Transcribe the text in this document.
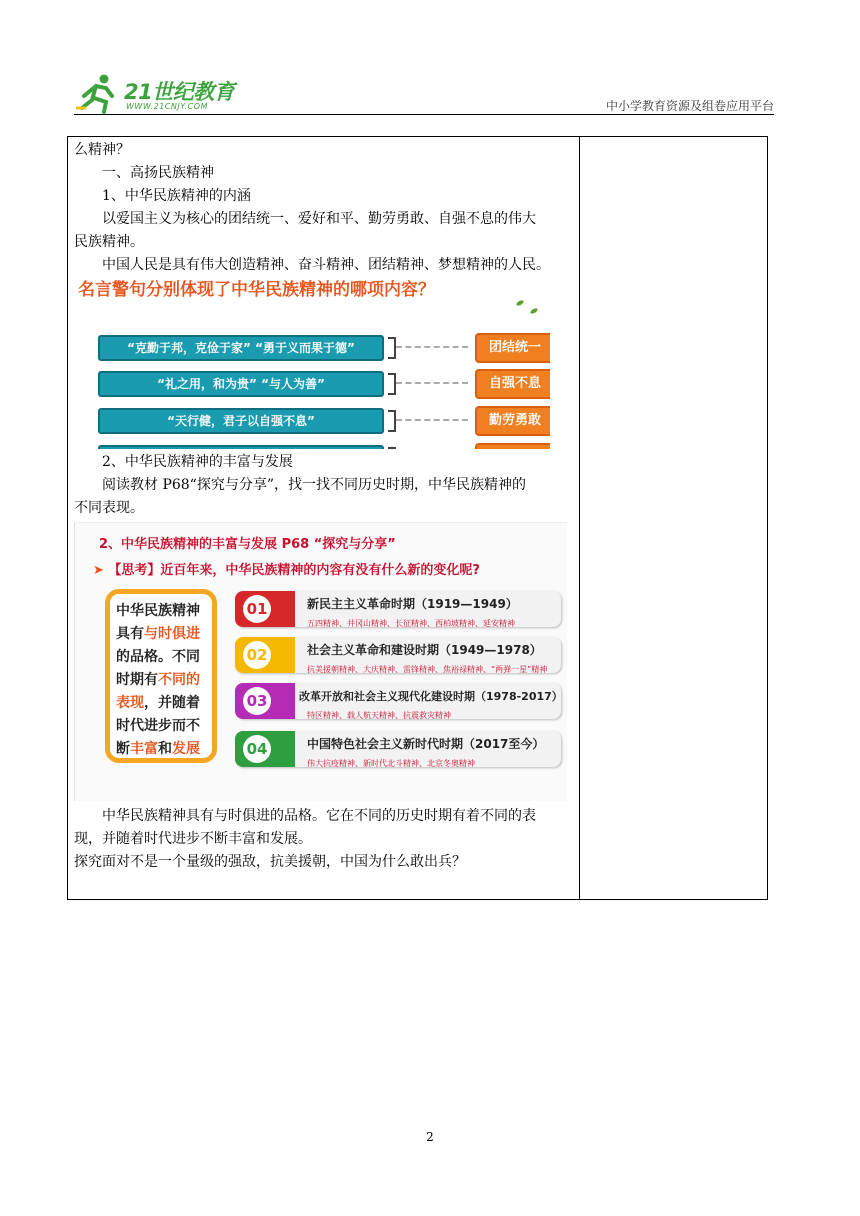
21世纪教育
WWW.21CNJY.COM	中小学教育资源及组卷应用平台

么精神？

一、高扬民族精神

1、中华民族精神的内涵

以爱国主义为核心的团结统一、爱好和平、勤劳勇敢、自强不息的伟大

民族精神。

中国人民是具有伟大创造精神、奋斗精神、团结精神、梦想精神的人民。

名言警句分别体现了中华民族精神的哪项内容？
“克勤于邦，克俭于家” “勇于义而果于德”	团结统一
“礼之用，和为贵” “与人为善”	自强不息
“天行健，君子以自强不息”	勤劳勇敢

2、中华民族精神的丰富与发展

阅读教材 P68“探究与分享”，找一找不同历史时期，中华民族精神的

不同表现。

2、中华民族精神的丰富与发展 P68 “探究与分享”
➤ 【思考】近百年来，中华民族精神的内容有没有什么新的变化呢?
中华民族精神
具有与时俱进
的品格。不同
时期有不同的
表现，并随着
时代进步而不
断丰富和发展
01	新民主主义革命时期（1919—1949）
五四精神、井冈山精神、长征精神、西柏坡精神、延安精神
02	社会主义革命和建设时期（1949—1978）
抗美援朝精神、大庆精神、雷锋精神、焦裕禄精神、“两弹一星”精神
03	改革开放和社会主义现代化建设时期（1978-2017）
特区精神、载人航天精神、抗震救灾精神
04	中国特色社会主义新时代时期（2017至今）
伟大抗疫精神、新时代北斗精神、北京冬奥精神

中华民族精神具有与时俱进的品格。它在不同的历史时期有着不同的表

现，并随着时代进步不断丰富和发展。

探究面对不是一个量级的强敌，抗美援朝，中国为什么敢出兵？

2
